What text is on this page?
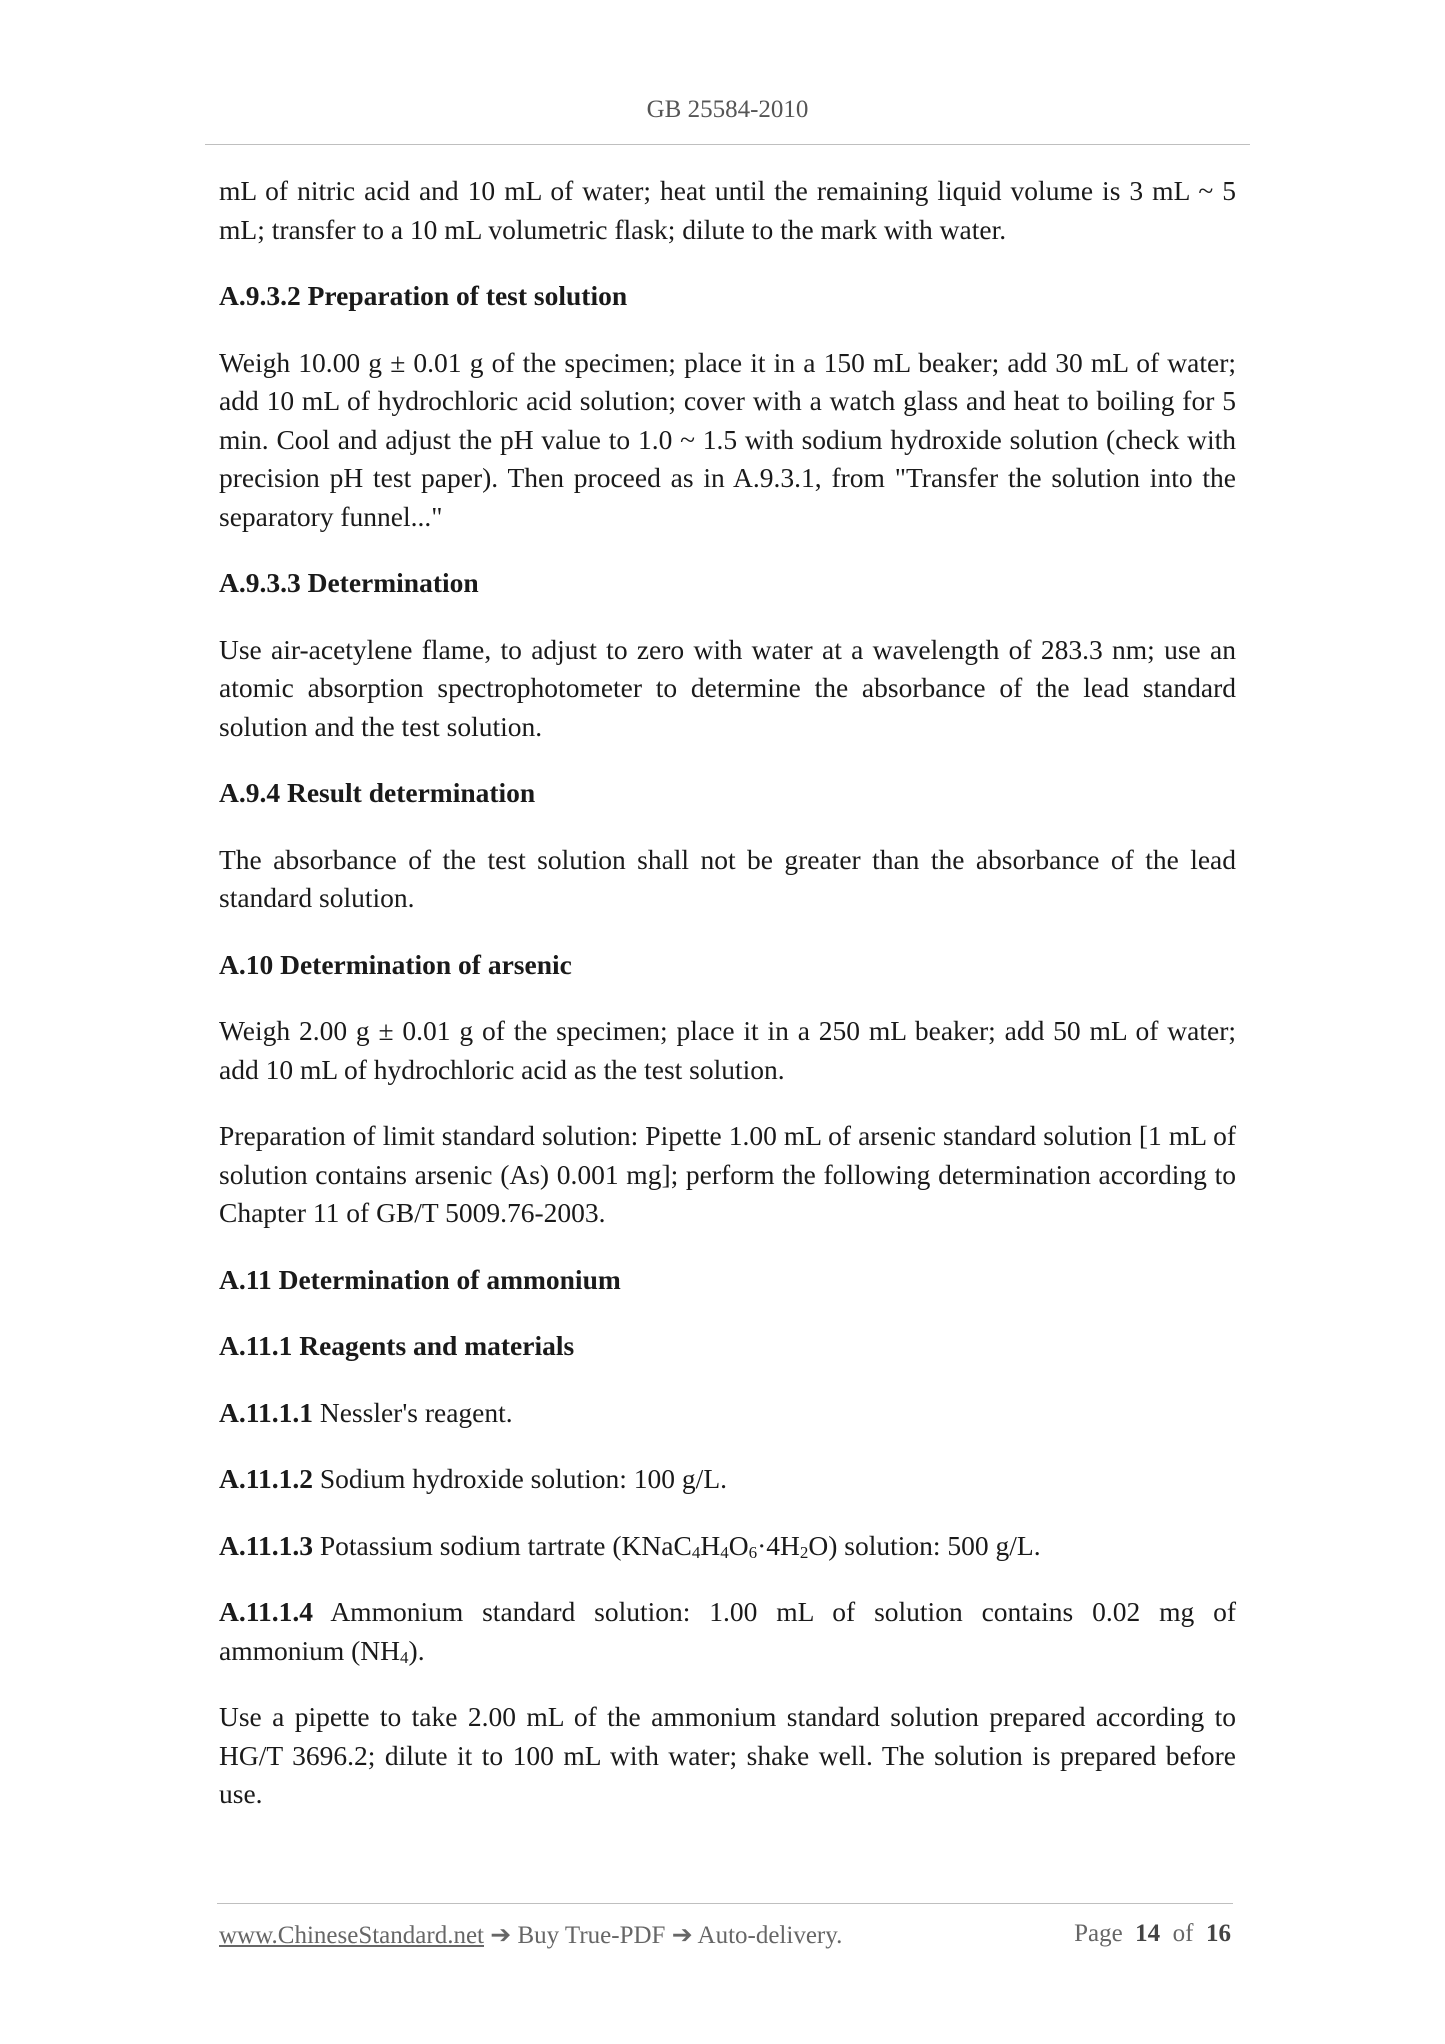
GB 25584-2010

mL of nitric acid and 10 mL of water; heat until the remaining liquid volume is 3 mL ~ 5 mL; transfer to a 10 mL volumetric flask; dilute to the mark with water.

A.9.3.2 Preparation of test solution

Weigh 10.00 g ± 0.01 g of the specimen; place it in a 150 mL beaker; add 30 mL of water; add 10 mL of hydrochloric acid solution; cover with a watch glass and heat to boiling for 5 min. Cool and adjust the pH value to 1.0 ~ 1.5 with sodium hydroxide solution (check with precision pH test paper). Then proceed as in A.9.3.1, from "Transfer the solution into the separatory funnel..."

A.9.3.3 Determination

Use air-acetylene flame, to adjust to zero with water at a wavelength of 283.3 nm; use an atomic absorption spectrophotometer to determine the absorbance of the lead standard solution and the test solution.

A.9.4 Result determination

The absorbance of the test solution shall not be greater than the absorbance of the lead standard solution.

A.10 Determination of arsenic

Weigh 2.00 g ± 0.01 g of the specimen; place it in a 250 mL beaker; add 50 mL of water; add 10 mL of hydrochloric acid as the test solution.

Preparation of limit standard solution: Pipette 1.00 mL of arsenic standard solution [1 mL of solution contains arsenic (As) 0.001 mg]; perform the following determination according to Chapter 11 of GB/T 5009.76-2003.

A.11 Determination of ammonium

A.11.1 Reagents and materials

A.11.1.1 Nessler's reagent.

A.11.1.2 Sodium hydroxide solution: 100 g/L.

A.11.1.3 Potassium sodium tartrate $(KNaC_4H_4O_6\cdot 4H_2O)$ solution: 500 g/L.

A.11.1.4 Ammonium standard solution: 1.00 mL of solution contains 0.02 mg of ammonium $(NH_4)$.

Use a pipette to take 2.00 mL of the ammonium standard solution prepared according to HG/T 3696.2; dilute it to 100 mL with water; shake well. The solution is prepared before use.

www.ChineseStandard.net ➔ Buy True-PDF ➔ Auto-delivery.	Page 14 of 16
